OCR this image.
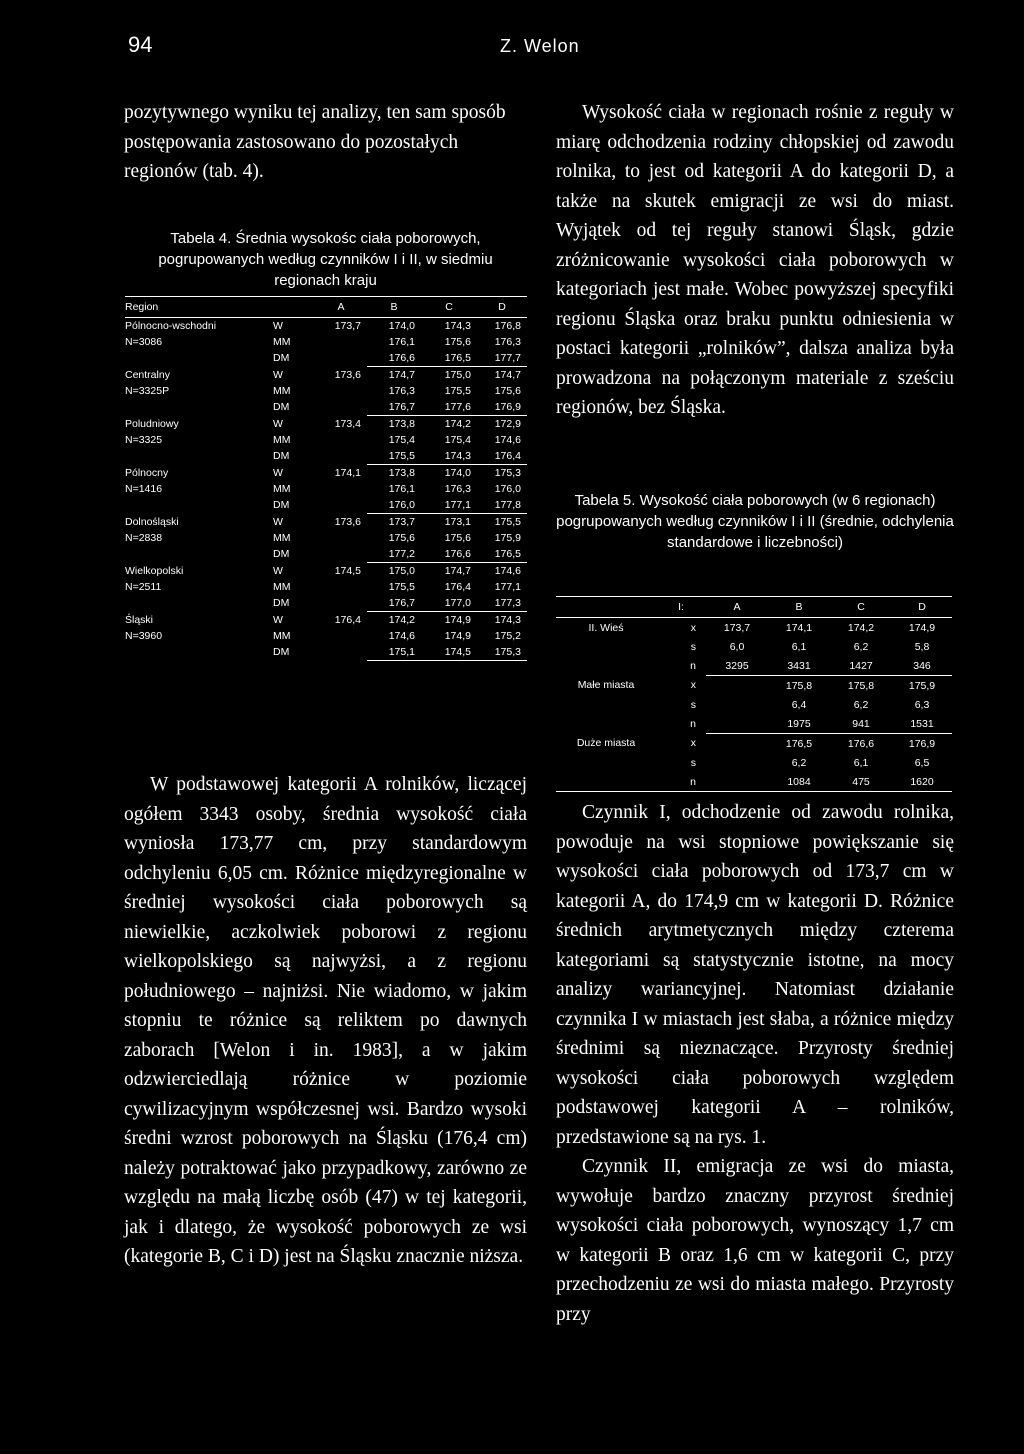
94	Z. Welon

pozytywnego wyniku tej analizy, ten sam sposób postępowania zastosowano do pozostałych regionów (tab. 4).

Tabela 4. Średnia wysokośc ciała poborowych, pogrupowanych według czynników I i II, w siedmiu regionach kraju
Region		A	B	C	D
Pólnocno-wschodni	W	173,7	174,0	174,3	176,8
N=3086	MM		176,1	175,6	176,3
	DM		176,6	176,5	177,7
Centralny	W	173,6	174,7	175,0	174,7
N=3325P	MM		176,3	175,5	175,6
	DM		176,7	177,6	176,9
Poludniowy	W	173,4	173,8	174,2	172,9
N=3325	MM		175,4	175,4	174,6
	DM		175,5	174,3	176,4
Pólnocny	W	174,1	173,8	174,0	175,3
N=1416	MM		176,1	176,3	176,0
	DM		176,0	177,1	177,8
Dolnośląski	W	173,6	173,7	173,1	175,5
N=2838	MM		175,6	175,6	175,9
	DM		177,2	176,6	176,5
Wielkopolski	W	174,5	175,0	174,7	174,6
N=2511	MM		175,5	176,4	177,1
	DM		176,7	177,0	177,3
Śląski	W	176,4	174,2	174,9	174,3
N=3960	MM		174,6	174,9	175,2
	DM		175,1	174,5	175,3

W podstawowej kategorii A rolników, liczącej ogółem 3343 osoby, średnia wysokość ciała wyniosła 173,77 cm, przy standardowym odchyleniu 6,05 cm. Różnice międzyregionalne w średniej wysokości ciała poborowych są niewielkie, aczkolwiek poborowi z regionu wielkopolskiego są najwyżsi, a z regionu południowego – najniżsi. Nie wiadomo, w jakim stopniu te różnice są reliktem po dawnych zaborach [Welon i in. 1983], a w jakim odzwierciedlają różnice w poziomie cywilizacyjnym współczesnej wsi. Bardzo wysoki średni wzrost poborowych na Śląsku (176,4 cm) należy potraktować jako przypadkowy, zarówno ze względu na małą liczbę osób (47) w tej kategorii, jak i dlatego, że wysokość poborowych ze wsi (kategorie B, C i D) jest na Śląsku znacznie niższa.

Wysokość ciała w regionach rośnie z reguły w miarę odchodzenia rodziny chłopskiej od zawodu rolnika, to jest od kategorii A do kategorii D, a także na skutek emigracji ze wsi do miast. Wyjątek od tej reguły stanowi Śląsk, gdzie zróżnicowanie wysokości ciała poborowych w kategoriach jest małe. Wobec powyższej specyfiki regionu Śląska oraz braku punktu odniesienia w postaci kategorii „rolników”, dalsza analiza była prowadzona na połączonym materiale z sześciu regionów, bez Śląska.

Tabela 5. Wysokość ciała poborowych (w 6 regionach) pogrupowanych według czynników I i II (średnie, odchylenia standardowe i liczebności)
	I:	A	B	C	D
II. Wieś	x	173,7	174,1	174,2	174,9
	s	6,0	6,1	6,2	5,8
	n	3295	3431	1427	346
Małe miasta	x		175,8	175,8	175,9
	s		6,4	6,2	6,3
	n		1975	941	1531
Duże miasta	x		176,5	176,6	176,9
	s		6,2	6,1	6,5
	n		1084	475	1620

Czynnik I, odchodzenie od zawodu rolnika, powoduje na wsi stopniowe powiększanie się wysokości ciała poborowych od 173,7 cm w kategorii A, do 174,9 cm w kategorii D. Różnice średnich arytmetycznych między czterema kategoriami są statystycznie istotne, na mocy analizy wariancyjnej. Natomiast działanie czynnika I w miastach jest słaba, a różnice między średnimi są nieznaczące. Przyrosty średniej wysokości ciała poborowych względem podstawowej kategorii A – rolników, przedstawione są na rys. 1.

Czynnik II, emigracja ze wsi do miasta, wywołuje bardzo znaczny przyrost średniej wysokości ciała poborowych, wynoszący 1,7 cm w kategorii B oraz 1,6 cm w kategorii C, przy przechodzeniu ze wsi do miasta małego. Przyrosty przy
